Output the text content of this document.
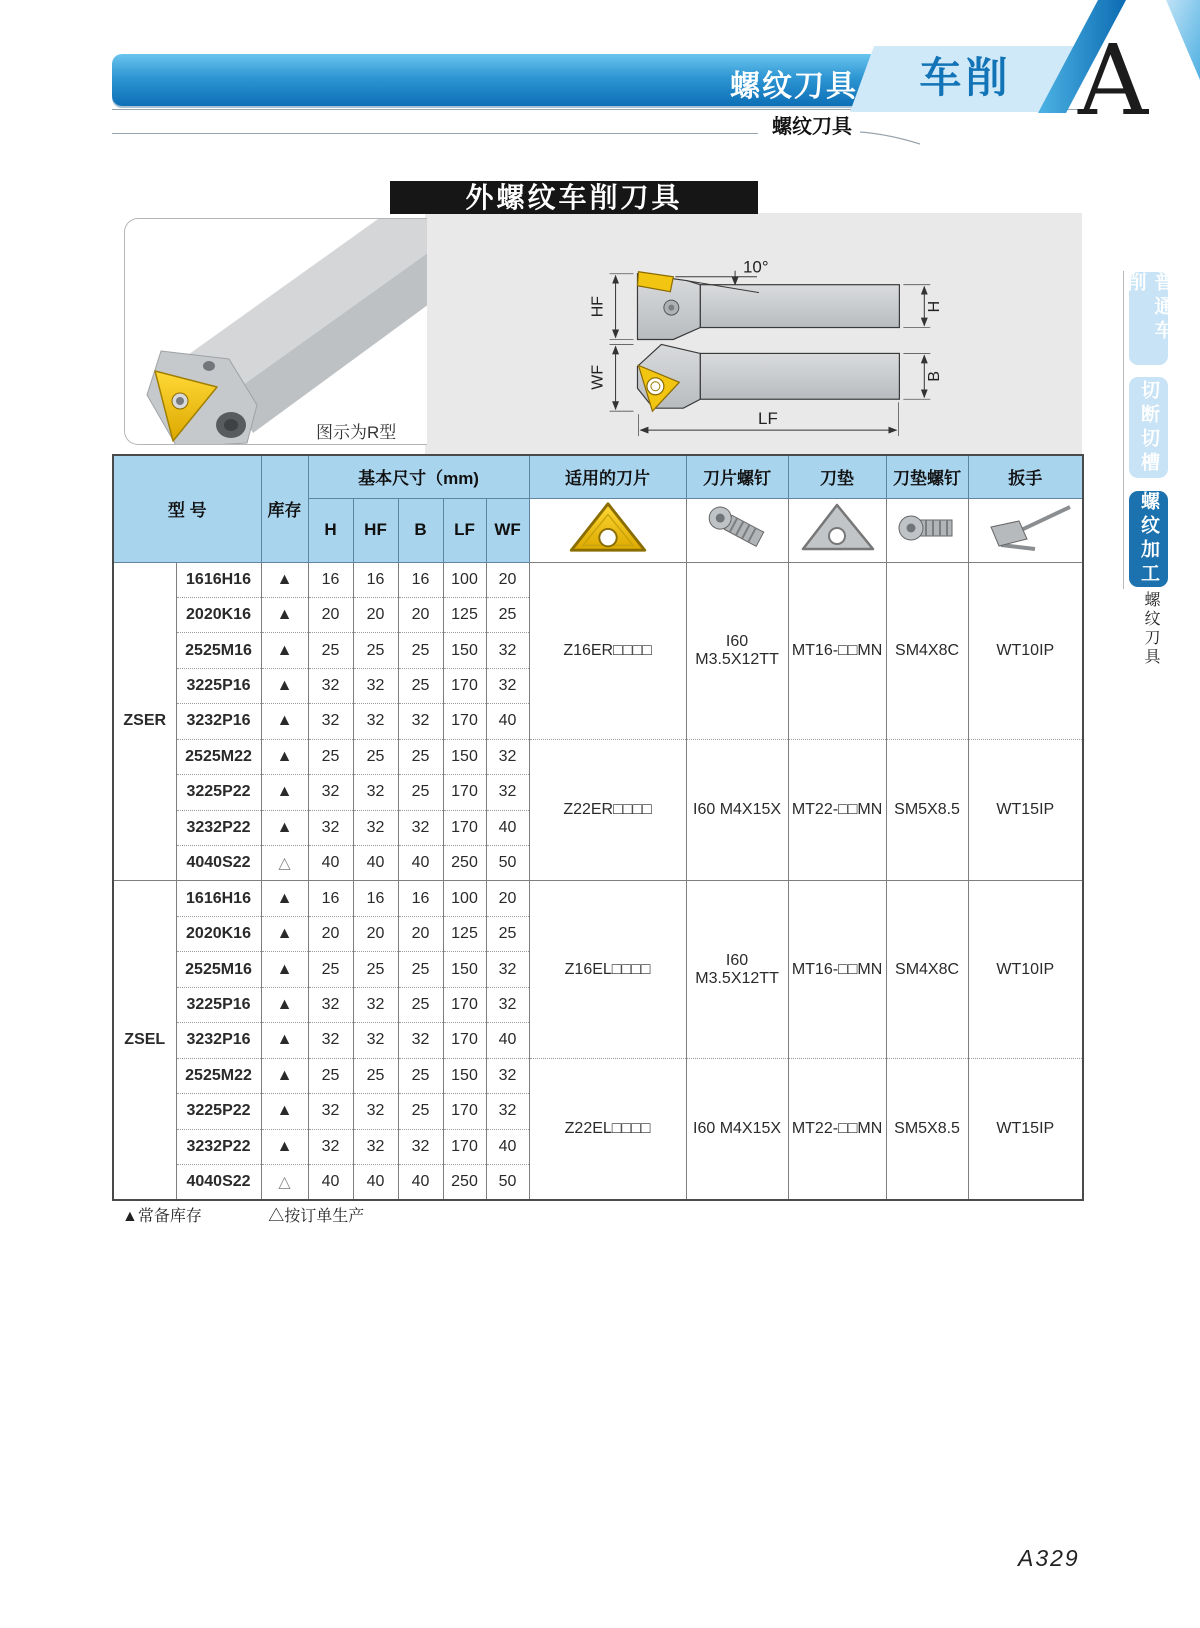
螺纹刀具	车削 A
螺纹刀具
10°
HF	H
WF	B
LF
外螺纹车削刀具
图示为R型
型 号		库存	基本尺寸（mm)					适用的刀片	刀片螺钉	刀垫	刀垫螺钉	扳手
			H	HF	B	LF	WF					
ZSER	1616H16	▲	16	16	16	100	20	Z16ER□□□□	I60 M3.5X12TT	MT16-□□MN	SM4X8C	WT10IP
	2020K16	▲	20	20	20	125	25					
	2525M16	▲	25	25	25	150	32					
	3225P16	▲	32	32	25	170	32					
	3232P16	▲	32	32	32	170	40					
	2525M22	▲	25	25	25	150	32	Z22ER□□□□	I60 M4X15X	MT22-□□MN	SM5X8.5	WT15IP
	3225P22	▲	32	32	25	170	32					
	3232P22	▲	32	32	32	170	40					
	4040S22	△	40	40	40	250	50					
ZSEL	1616H16	▲	16	16	16	100	20	Z16EL□□□□	I60 M3.5X12TT	MT16-□□MN	SM4X8C	WT10IP
	2020K16	▲	20	20	20	125	25					
	2525M16	▲	25	25	25	150	32					
	3225P16	▲	32	32	25	170	32					
	3232P16	▲	32	32	32	170	40					
	2525M22	▲	25	25	25	150	32	Z22EL□□□□	I60 M4X15X	MT22-□□MN	SM5X8.5	WT15IP
	3225P22	▲	32	32	25	170	32					
	3232P22	▲	32	32	32	170	40					
	4040S22	△	40	40	40	250	50					
▲常备库存	△按订单生产
普通车削
切断切槽
螺纹加工
螺纹刀具
A329
